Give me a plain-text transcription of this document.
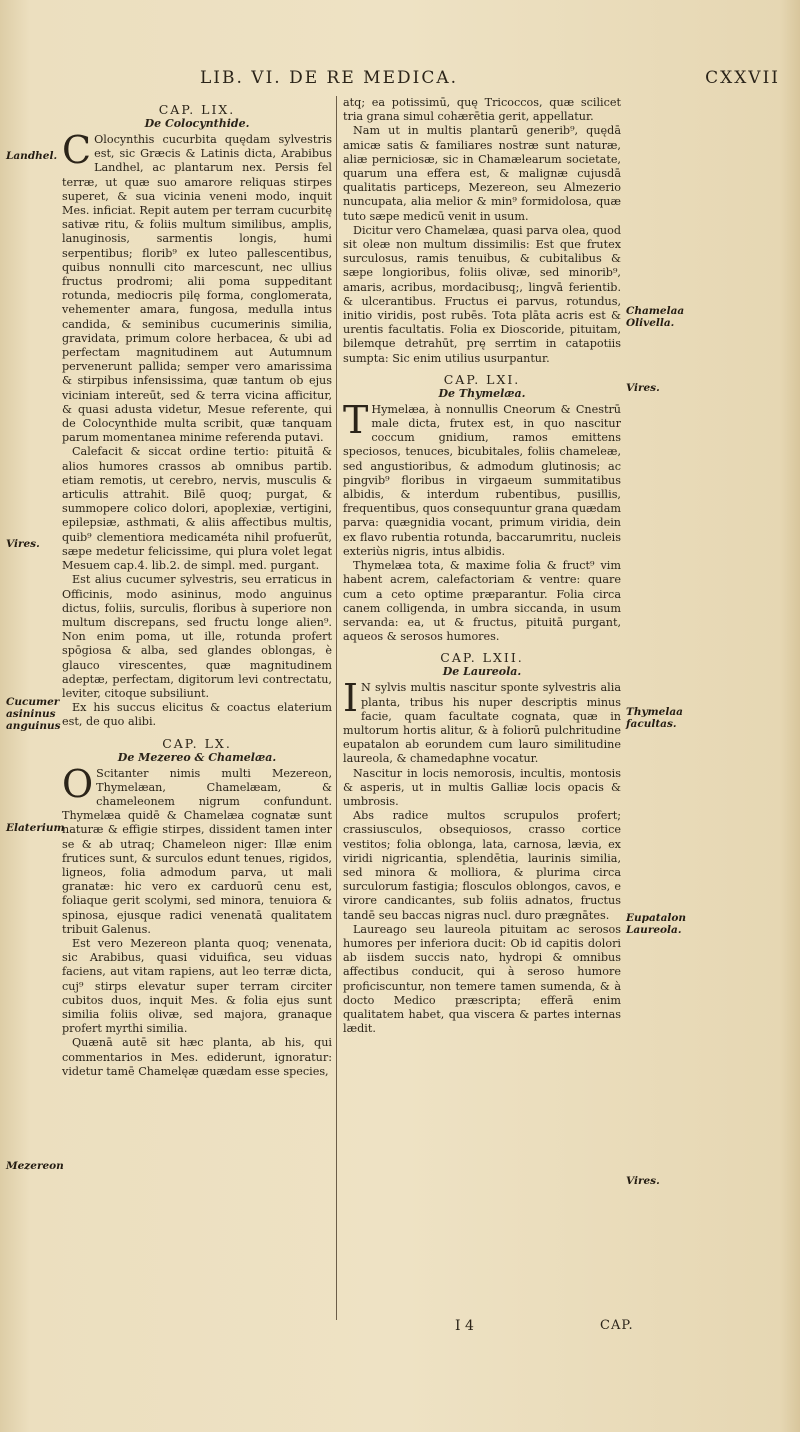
LIB. VI. DE RE MEDICA.	CXXVII
CAP. LIX.
De Colocynthide.

C Olocynthis cucurbita quędam sylvestris est, sic Græcis & Latinis dicta, Arabibus Landhel, ac plantarum nex. Persis fel terræ, ut quæ suo amarore reliquas stirpes superet, & sua vicinia veneni modo, inquit Mes. inficiat. Repit autem per terram cucurbitę sativæ ritu, & foliis multum similibus, amplis, lanuginosis, sarmentis longis, humi serpentibus; florib⁹ ex luteo pallescentibus, quibus nonnulli cito marcescunt, nec ullius fructus prodromi; alii poma suppeditant rotunda, mediocris pilę forma, conglomerata, vehementer amara, fungosa, medulla intus candida, & seminibus cucumerinis similia, gravidata, primum colore herbacea, & ubi ad perfectam magnitudinem aut Autumnum pervenerunt pallida; semper vero amarissima & stirpibus infensissima, quæ tantum ob ejus viciniam intereūt, sed & terra vicina afficitur, & quasi adusta videtur, Mesue referente, qui de Colocynthide multa scribit, quæ tanquam parum momentanea minime referenda putavi.

Calefacit & siccat ordine tertio: pituitā & alios humores crassos ab omnibus partib. etiam remotis, ut cerebro, nervis, musculis & articulis attrahit. Bilē quoq; purgat, & summopere colico dolori, apoplexiæ, vertigini, epilepsiæ, asthmati, & aliis affectibus multis, quib⁹ clementiora medicaméta nihil profuerūt, sæpe medetur felicissime, qui plura volet legat Mesuem cap.4. lib.2. de simpl. med. purgant.

Est alius cucumer sylvestris, seu erraticus in Officinis, modo asininus, modo anguinus dictus, foliis, surculis, floribus à superiore non multum discrepans, sed fructu longe alien⁹. Non enim poma, ut ille, rotunda profert spōgiosa & alba, sed glandes oblongas, è glauco virescentes, quæ magnitudinem adeptæ, perfectam, digitorum levi contrectatu, leviter, citoque subsiliunt.

Ex his succus elicitus & coactus elaterium est, de quo alibi.

CAP. LX.
De Mezereo & Chamelæa.

O Scitanter nimis multi Mezereon, Thymelæan, Chamelæam, & chameleonem nigrum confundunt. Thymelæa quidē & Chamelæa cognatæ sunt naturæ & effigie stirpes, dissident tamen inter se & ab utraq; Chameleon niger: Illæ enim frutices sunt, & surculos edunt tenues, rigidos, ligneos, folia admodum parva, ut mali granatæ: hic vero ex carduorū cenu est, foliaque gerit scolymi, sed minora, tenuiora & spinosa, ejusque radici venenatā qualitatem tribuit Galenus.

Est vero Mezereon planta quoq; venenata, sic Arabibus, quasi viduifica, seu viduas faciens, aut vitam rapiens, aut leo terræ dicta, cuj⁹ stirps elevatur super terram circiter cubitos duos, inquit Mes. & folia ejus sunt similia foliis olivæ, sed majora, granaque profert myrthi similia.

Quænā autē sit hæc planta, ab his, qui commentarios in Mes. ediderunt, ignoratur: videtur tamē Chamelęæ quædam esse species,

atq; ea potissimū, quę Tricoccos, quæ scilicet tria grana simul cohærētia gerit, appellatur.

Nam ut in multis plantarū generib⁹, quędā amicæ satis & familiares nostræ sunt naturæ, aliæ perniciosæ, sic in Chamælearum societate, quarum una effera est, & malignæ cujusdā qualitatis particeps, Mezereon, seu Almezerio nuncupata, alia melior & min⁹ formidolosa, quæ tuto sæpe medicū venit in usum.

Dicitur vero Chamelæa, quasi parva olea, quod sit oleæ non multum dissimilis: Est que frutex surculosus, ramis tenuibus, & cubitalibus & sæpe longioribus, foliis olivæ, sed minorib⁹, amaris, acribus, mordacibusq;, lingvā ferientib. & ulcerantibus. Fructus ei parvus, rotundus, initio viridis, post rubēs. Tota plāta acris est & urentis facultatis. Folia ex Dioscoride, pituitam, bilemque detrahūt, prę serrtim in catapotiis sumpta: Sic enim utilius usurpantur.

CAP. LXI.
De Thymelæa.

T Hymelæa, à nonnullis Cneorum & Cnestrū male dicta, frutex est, in quo nascitur coccum gnidium, ramos emittens speciosos, tenuces, bicubitales, foliis chameleæ, sed angustioribus, & admodum glutinosis; ac pingvib⁹ floribus in virgaeum summitatibus albidis, & interdum rubentibus, pusillis, frequentibus, quos consequuntur grana quædam parva: quægnidia vocant, primum viridia, dein ex flavo rubentia rotunda, baccarumritu, nucleis exteriùs nigris, intus albidis.

Thymelæa tota, & maxime folia & fruct⁹ vim habent acrem, calefactoriam & ventre: quare cum a ceto optime præparantur. Folia circa canem colligenda, in umbra siccanda, in usum servanda: ea, ut & fructus, pituitā purgant, aqueos & serosos humores.

CAP. LXII.
De Laureola.

I N sylvis multis nascitur sponte sylvestris alia planta, tribus his nuper descriptis minus facie, quam facultate cognata, quæ in multorum hortis alitur, & à foliorū pulchritudine eupatalon ab eorundem cum lauro similitudine laureola, & chamedaphne vocatur.

Nascitur in locis nemorosis, incultis, montosis & asperis, ut in multis Galliæ locis opacis & umbrosis.

Abs radice multos scrupulos profert; crassiusculos, obsequiosos, crasso cortice vestitos; folia oblonga, lata, carnosa, lævia, ex viridi nigricantia, splendētia, laurinis similia, sed minora & molliora, & plurima circa surculorum fastigia; flosculos oblongos, cavos, e virore candicantes, sub foliis adnatos, fructus tandē seu baccas nigras nucl. duro prægnātes.

Laureago seu laureola pituitam ac serosos humores per inferiora ducit: Ob id capitis dolori ab iisdem succis nato, hydropi & omnibus affectibus conducit, qui à seroso humore proficiscuntur, non temere tamen sumenda, & à docto Medico præscripta; efferā enim qualitatem habet, qua viscera & partes internas lædit.

Landhel.
Vires.
Cucumer asininus anguinus
Elaterium
Mezereon
Chamelaa Olivella.
Vires.
Thymelaa facultas.
Eupatalon Laureola.
Vires.
I 4	CAP.
